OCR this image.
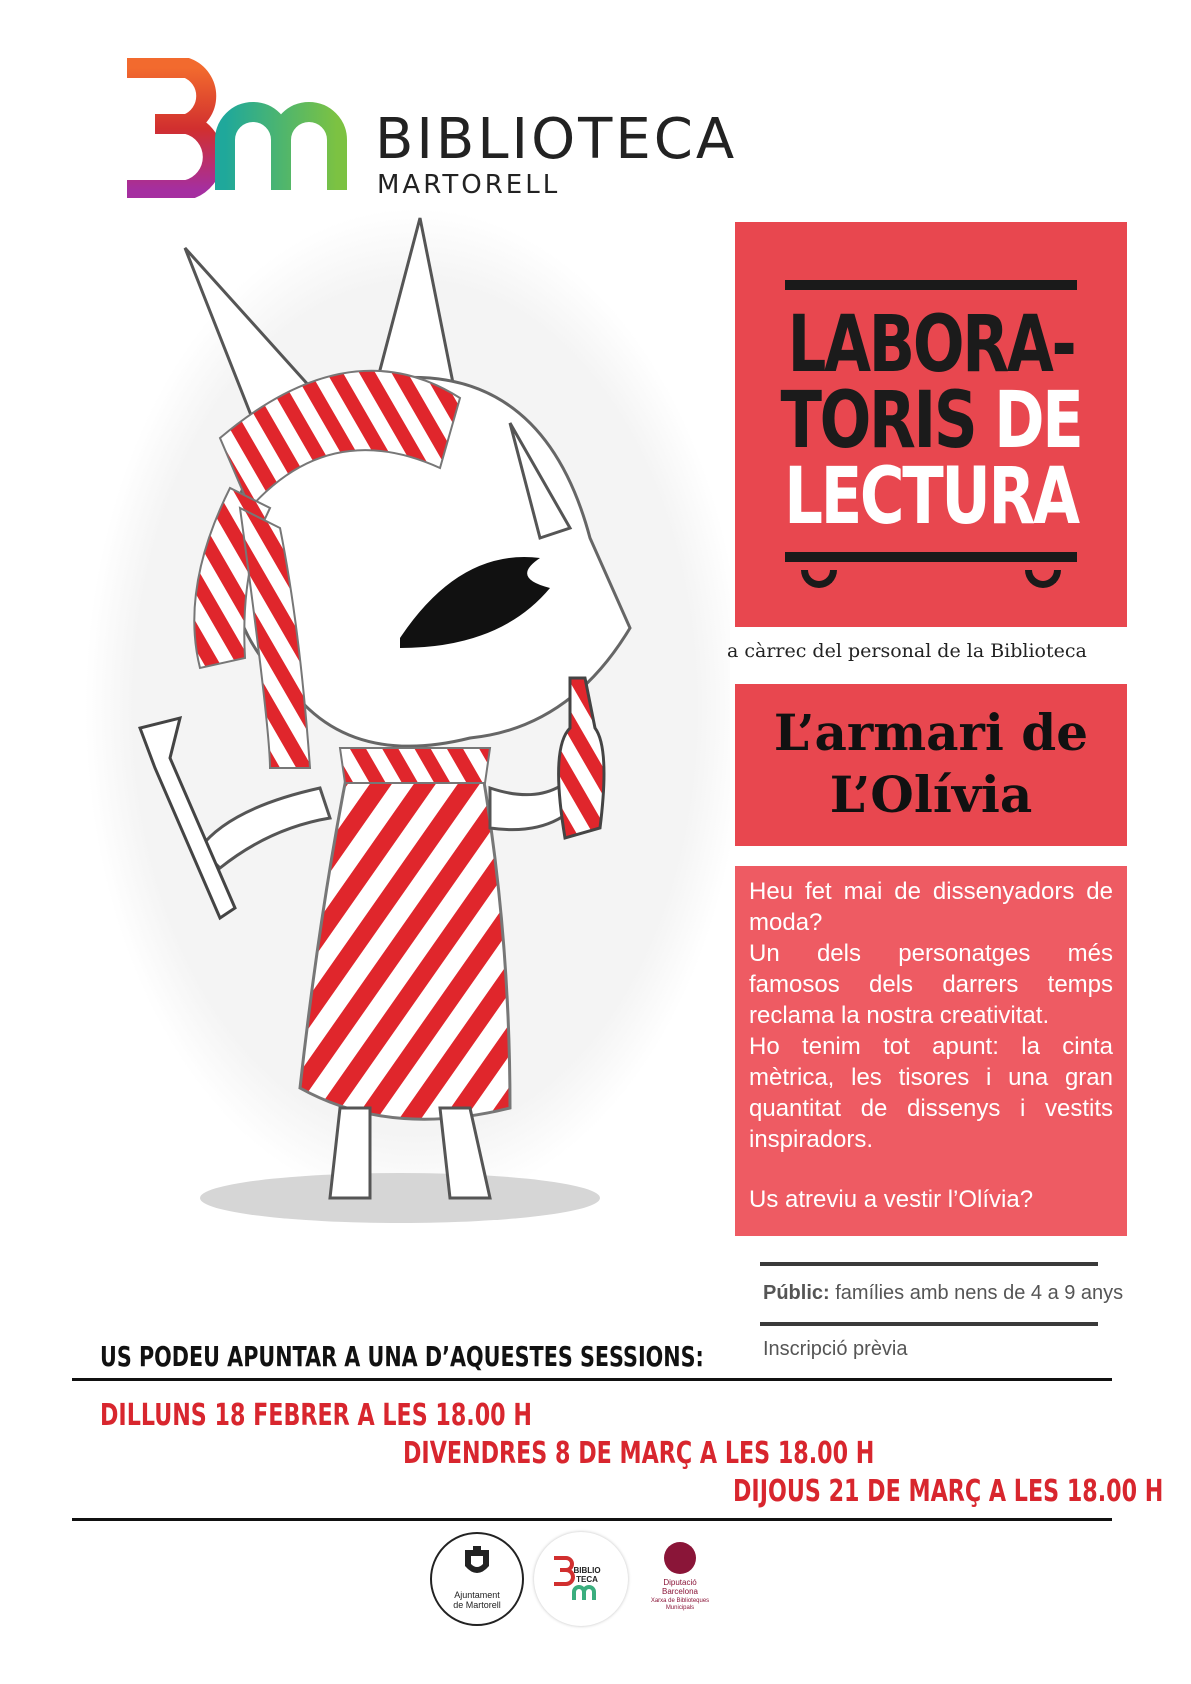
BIBLIOTECA
MARTORELL
LABORA-
TORIS DE
LECTURA
a càrrec del personal de la Biblioteca
L’armari de
L’Olívia

Heu fet mai de dissenyadors de moda?

Un dels personatges més famosos dels darrers temps reclama la nostra creativitat.

Ho tenim tot apunt: la cinta mètrica, les tisores i una gran quantitat de dissenys i vestits inspiradors.

Us atreviu a vestir l’Olívia?

Públic: famílies amb nens de 4 a 9 anys
Inscripció prèvia
US PODEU APUNTAR A UNA D’AQUESTES SESSIONS:
DILLUNS 18 FEBRER A LES 18.00 H
DIVENDRES 8 DE MARÇ A LES 18.00 H
DIJOUS 21 DE MARÇ A LES 18.00 H
Ajuntament
de Martorell
BIBLIO TECA	Diputació
Barcelona
Xarxa de Biblioteques Municipals
